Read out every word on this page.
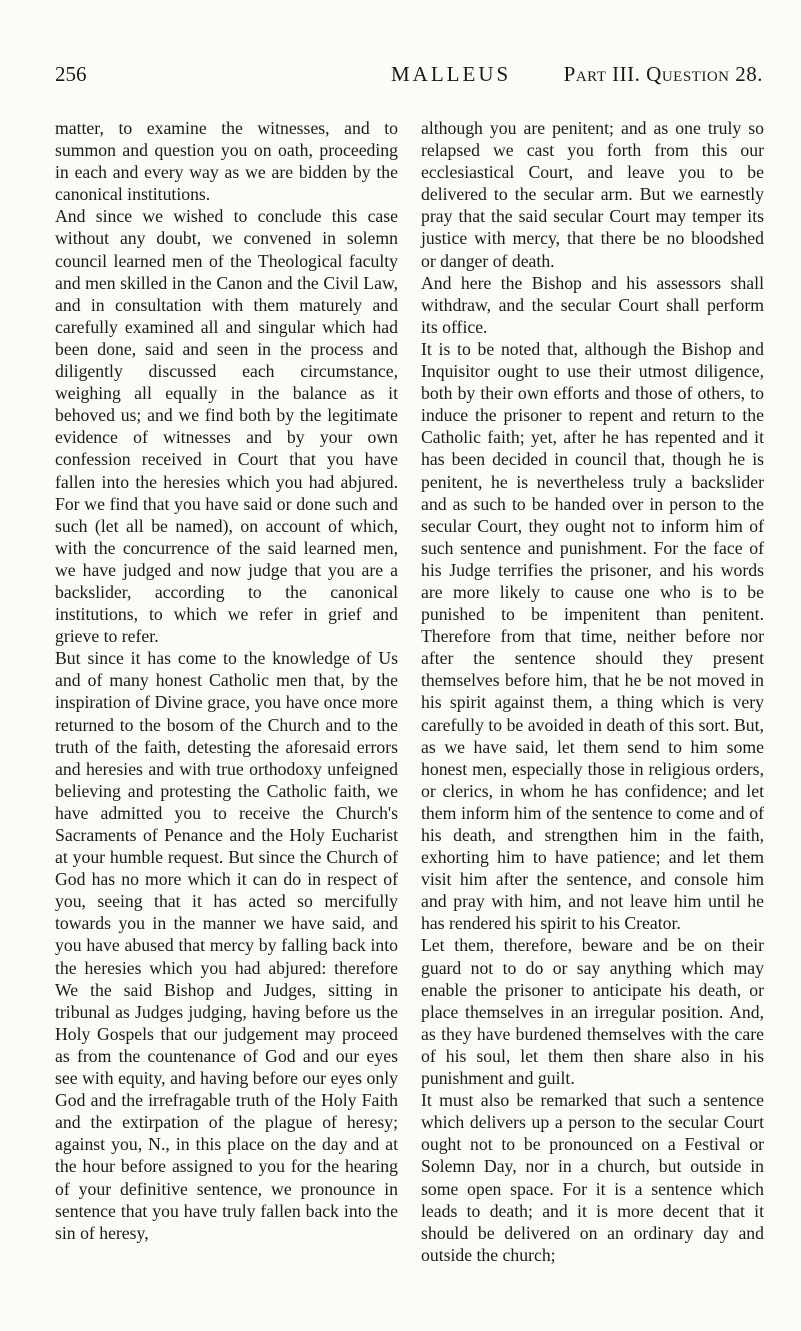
256	MALLEUS Part III. Question 28.

matter, to examine the witnesses, and to summon and question you on oath, proceeding in each and every way as we are bidden by the canonical institutions.

And since we wished to conclude this case without any doubt, we convened in solemn council learned men of the Theological faculty and men skilled in the Canon and the Civil Law, and in consultation with them maturely and carefully examined all and singular which had been done, said and seen in the process and diligently discussed each circumstance, weighing all equally in the balance as it behoved us; and we find both by the legitimate evidence of witnesses and by your own confession received in Court that you have fallen into the heresies which you had abjured. For we find that you have said or done such and such (let all be named), on account of which, with the concurrence of the said learned men, we have judged and now judge that you are a backslider, according to the canonical institutions, to which we refer in grief and grieve to refer.

But since it has come to the knowledge of Us and of many honest Catholic men that, by the inspiration of Divine grace, you have once more returned to the bosom of the Church and to the truth of the faith, detesting the aforesaid errors and heresies and with true orthodoxy unfeigned believing and protesting the Catholic faith, we have admitted you to receive the Church's Sacraments of Penance and the Holy Eucharist at your humble request. But since the Church of God has no more which it can do in respect of you, seeing that it has acted so mercifully towards you in the manner we have said, and you have abused that mercy by falling back into the heresies which you had abjured: therefore We the said Bishop and Judges, sitting in tribunal as Judges judging, having before us the Holy Gospels that our judgement may proceed as from the countenance of God and our eyes see with equity, and having before our eyes only God and the irrefragable truth of the Holy Faith and the extirpation of the plague of heresy; against you, N., in this place on the day and at the hour before assigned to you for the hearing of your definitive sentence, we pronounce in sentence that you have truly fallen back into the sin of heresy,

although you are penitent; and as one truly so relapsed we cast you forth from this our ecclesiastical Court, and leave you to be delivered to the secular arm. But we earnestly pray that the said secular Court may temper its justice with mercy, that there be no bloodshed or danger of death.

And here the Bishop and his assessors shall withdraw, and the secular Court shall perform its office.

It is to be noted that, although the Bishop and Inquisitor ought to use their utmost diligence, both by their own efforts and those of others, to induce the prisoner to repent and return to the Catholic faith; yet, after he has repented and it has been decided in council that, though he is penitent, he is nevertheless truly a backslider and as such to be handed over in person to the secular Court, they ought not to inform him of such sentence and punishment. For the face of his Judge terrifies the prisoner, and his words are more likely to cause one who is to be punished to be impenitent than penitent. Therefore from that time, neither before nor after the sentence should they present themselves before him, that he be not moved in his spirit against them, a thing which is very carefully to be avoided in death of this sort. But, as we have said, let them send to him some honest men, especially those in religious orders, or clerics, in whom he has confidence; and let them inform him of the sentence to come and of his death, and strengthen him in the faith, exhorting him to have patience; and let them visit him after the sentence, and console him and pray with him, and not leave him until he has rendered his spirit to his Creator.

Let them, therefore, beware and be on their guard not to do or say anything which may enable the prisoner to anticipate his death, or place themselves in an irregular position. And, as they have burdened themselves with the care of his soul, let them then share also in his punishment and guilt.

It must also be remarked that such a sentence which delivers up a person to the secular Court ought not to be pronounced on a Festival or Solemn Day, nor in a church, but outside in some open space. For it is a sentence which leads to death; and it is more decent that it should be delivered on an ordinary day and outside the church;
